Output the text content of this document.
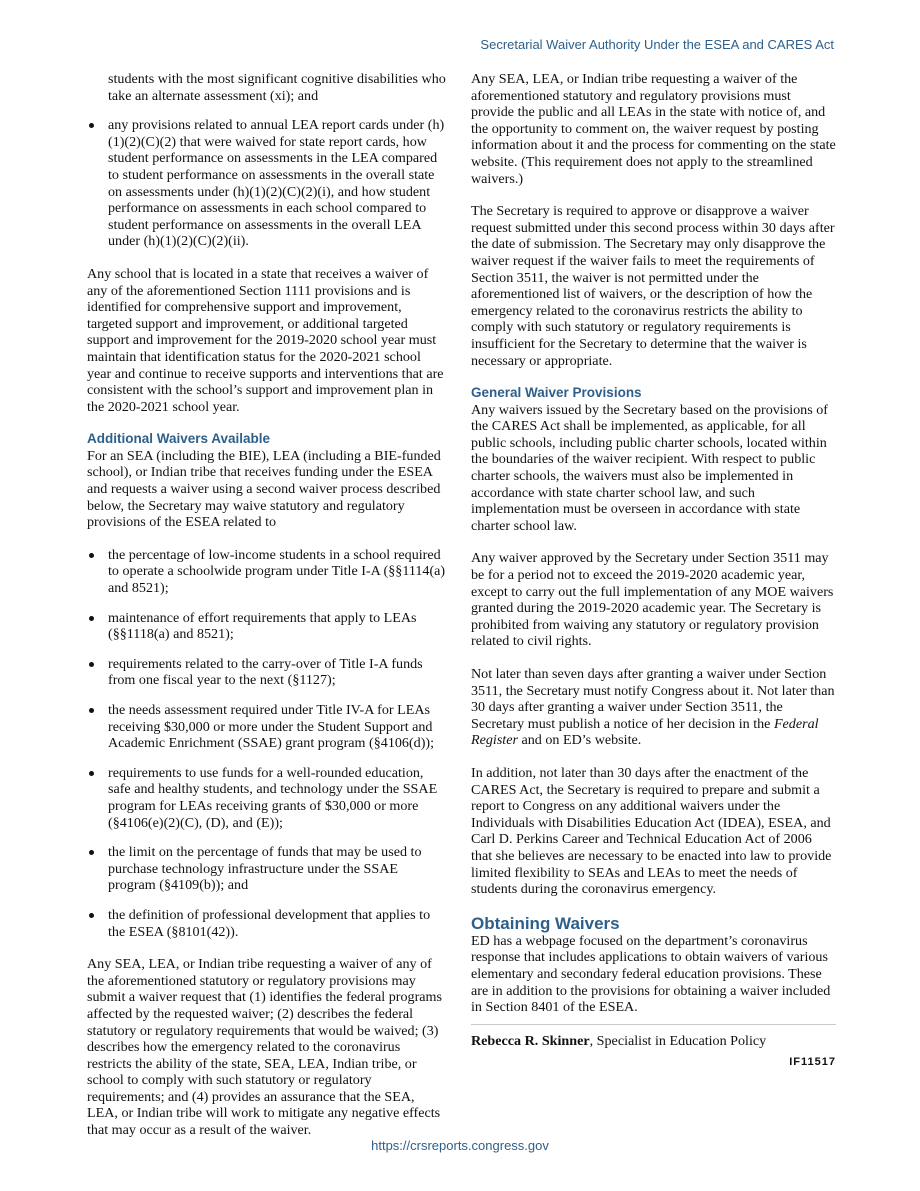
Secretarial Waiver Authority Under the ESEA and CARES Act

students with the most significant cognitive disabilities who take an alternate assessment (xi); and

any provisions related to annual LEA report cards under (h)(1)(2)(C)(2) that were waived for state report cards, how student performance on assessments in the LEA compared to student performance on assessments in the overall state on assessments under (h)(1)(2)(C)(2)(i), and how student performance on assessments in each school compared to student performance on assessments in the overall LEA under (h)(1)(2)(C)(2)(ii).

Any school that is located in a state that receives a waiver of any of the aforementioned Section 1111 provisions and is identified for comprehensive support and improvement, targeted support and improvement, or additional targeted support and improvement for the 2019-2020 school year must maintain that identification status for the 2020-2021 school year and continue to receive supports and interventions that are consistent with the school’s support and improvement plan in the 2020-2021 school year.

Additional Waivers Available

For an SEA (including the BIE), LEA (including a BIE-funded school), or Indian tribe that receives funding under the ESEA and requests a waiver using a second waiver process described below, the Secretary may waive statutory and regulatory provisions of the ESEA related to

the percentage of low-income students in a school required to operate a schoolwide program under Title I-A (§§1114(a) and 8521);
maintenance of effort requirements that apply to LEAs (§§1118(a) and 8521);
requirements related to the carry-over of Title I-A funds from one fiscal year to the next (§1127);
the needs assessment required under Title IV-A for LEAs receiving $30,000 or more under the Student Support and Academic Enrichment (SSAE) grant program (§4106(d));
requirements to use funds for a well-rounded education, safe and healthy students, and technology under the SSAE program for LEAs receiving grants of $30,000 or more (§4106(e)(2)(C), (D), and (E));
the limit on the percentage of funds that may be used to purchase technology infrastructure under the SSAE program (§4109(b)); and
the definition of professional development that applies to the ESEA (§8101(42)).

Any SEA, LEA, or Indian tribe requesting a waiver of any of the aforementioned statutory or regulatory provisions may submit a waiver request that (1) identifies the federal programs affected by the requested waiver; (2) describes the federal statutory or regulatory requirements that would be waived; (3) describes how the emergency related to the coronavirus restricts the ability of the state, SEA, LEA, Indian tribe, or school to comply with such statutory or regulatory requirements; and (4) provides an assurance that the SEA, LEA, or Indian tribe will work to mitigate any negative effects that may occur as a result of the waiver.

Any SEA, LEA, or Indian tribe requesting a waiver of the aforementioned statutory and regulatory provisions must provide the public and all LEAs in the state with notice of, and the opportunity to comment on, the waiver request by posting information about it and the process for commenting on the state website. (This requirement does not apply to the streamlined waivers.)

The Secretary is required to approve or disapprove a waiver request submitted under this second process within 30 days after the date of submission. The Secretary may only disapprove the waiver request if the waiver fails to meet the requirements of Section 3511, the waiver is not permitted under the aforementioned list of waivers, or the description of how the emergency related to the coronavirus restricts the ability to comply with such statutory or regulatory requirements is insufficient for the Secretary to determine that the waiver is necessary or appropriate.

General Waiver Provisions

Any waivers issued by the Secretary based on the provisions of the CARES Act shall be implemented, as applicable, for all public schools, including public charter schools, located within the boundaries of the waiver recipient. With respect to public charter schools, the waivers must also be implemented in accordance with state charter school law, and such implementation must be overseen in accordance with state charter school law.

Any waiver approved by the Secretary under Section 3511 may be for a period not to exceed the 2019-2020 academic year, except to carry out the full implementation of any MOE waivers granted during the 2019-2020 academic year. The Secretary is prohibited from waiving any statutory or regulatory provision related to civil rights.

Not later than seven days after granting a waiver under Section 3511, the Secretary must notify Congress about it. Not later than 30 days after granting a waiver under Section 3511, the Secretary must publish a notice of her decision in the Federal Register and on ED’s website.

In addition, not later than 30 days after the enactment of the CARES Act, the Secretary is required to prepare and submit a report to Congress on any additional waivers under the Individuals with Disabilities Education Act (IDEA), ESEA, and Carl D. Perkins Career and Technical Education Act of 2006 that she believes are necessary to be enacted into law to provide limited flexibility to SEAs and LEAs to meet the needs of students during the coronavirus emergency.

Obtaining Waivers

ED has a webpage focused on the department’s coronavirus response that includes applications to obtain waivers of various elementary and secondary federal education provisions. These are in addition to the provisions for obtaining a waiver included in Section 8401 of the ESEA.

Rebecca R. Skinner, Specialist in Education Policy
IF11517
https://crsreports.congress.gov
